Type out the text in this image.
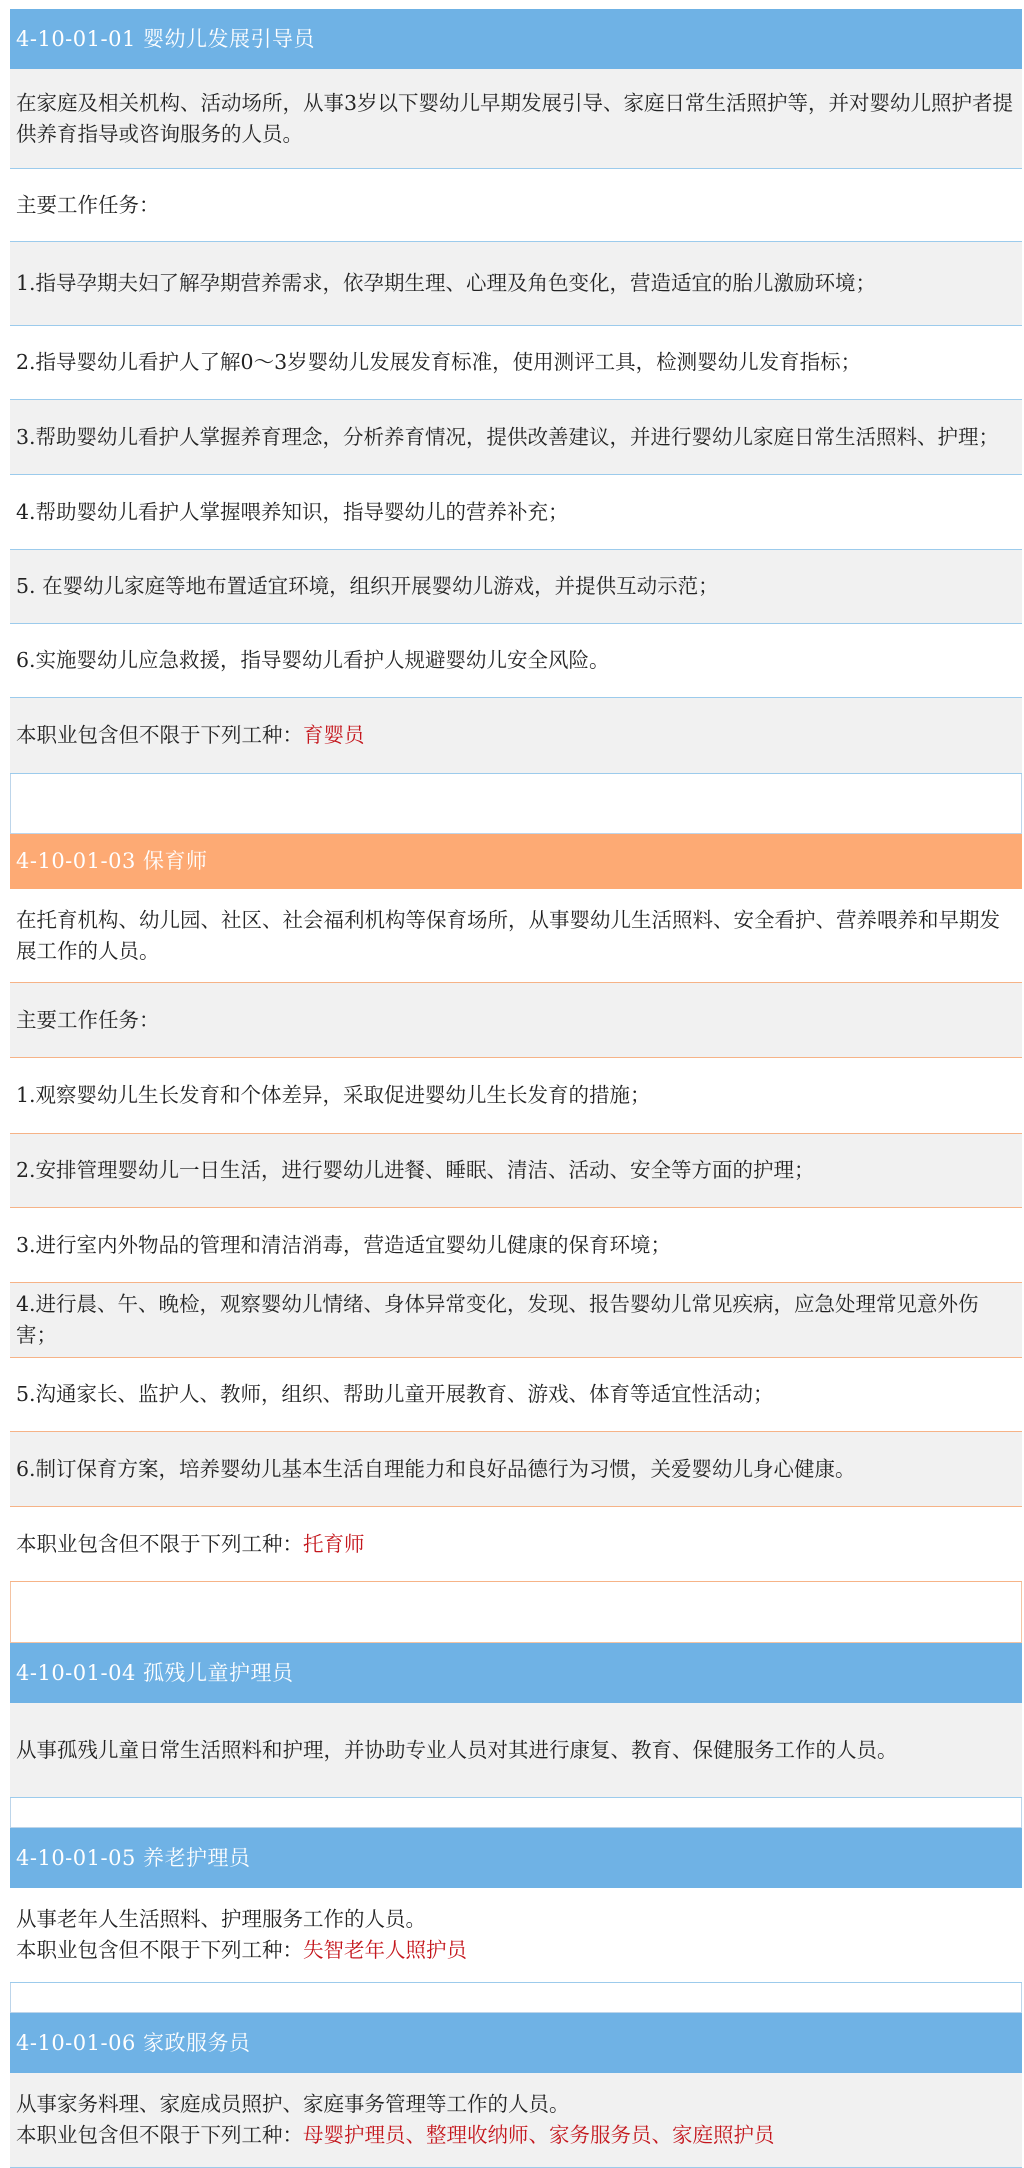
4-10-01-01 婴幼儿发展引导员
在家庭及相关机构、活动场所，从事3岁以下婴幼儿早期发展引导、家庭日常生活照护等，并对婴幼儿照护者提供养育指导或咨询服务的人员。
主要工作任务：
1.指导孕期夫妇了解孕期营养需求，依孕期生理、心理及角色变化，营造适宜的胎儿激励环境；
2.指导婴幼儿看护人了解0～3岁婴幼儿发展发育标准，使用测评工具，检测婴幼儿发育指标；
3.帮助婴幼儿看护人掌握养育理念，分析养育情况，提供改善建议，并进行婴幼儿家庭日常生活照料、护理；
4.帮助婴幼儿看护人掌握喂养知识，指导婴幼儿的营养补充；
5. 在婴幼儿家庭等地布置适宜环境，组织开展婴幼儿游戏，并提供互动示范；
6.实施婴幼儿应急救援，指导婴幼儿看护人规避婴幼儿安全风险。
本职业包含但不限于下列工种： 育婴员
4-10-01-03 保育师
在托育机构、幼儿园、社区、社会福利机构等保育场所，从事婴幼儿生活照料、安全看护、营养喂养和早期发展工作的人员。
主要工作任务：
1.观察婴幼儿生长发育和个体差异，采取促进婴幼儿生长发育的措施；
2.安排管理婴幼儿一日生活，进行婴幼儿进餐、睡眠、清洁、活动、安全等方面的护理；
3.进行室内外物品的管理和清洁消毒，营造适宜婴幼儿健康的保育环境；
4.进行晨、午、晚检，观察婴幼儿情绪、身体异常变化，发现、报告婴幼儿常见疾病，应急处理常见意外伤害；
5.沟通家长、监护人、教师，组织、帮助儿童开展教育、游戏、体育等适宜性活动；
6.制订保育方案，培养婴幼儿基本生活自理能力和良好品德行为习惯，关爱婴幼儿身心健康。
本职业包含但不限于下列工种： 托育师
4-10-01-04 孤残儿童护理员
从事孤残儿童日常生活照料和护理，并协助专业人员对其进行康复、教育、保健服务工作的人员。
4-10-01-05 养老护理员
从事老年人生活照料、护理服务工作的人员。
本职业包含但不限于下列工种：失智老年人照护员
4-10-01-06 家政服务员
从事家务料理、家庭成员照护、家庭事务管理等工作的人员。
本职业包含但不限于下列工种：母婴护理员、整理收纳师、家务服务员、家庭照护员
